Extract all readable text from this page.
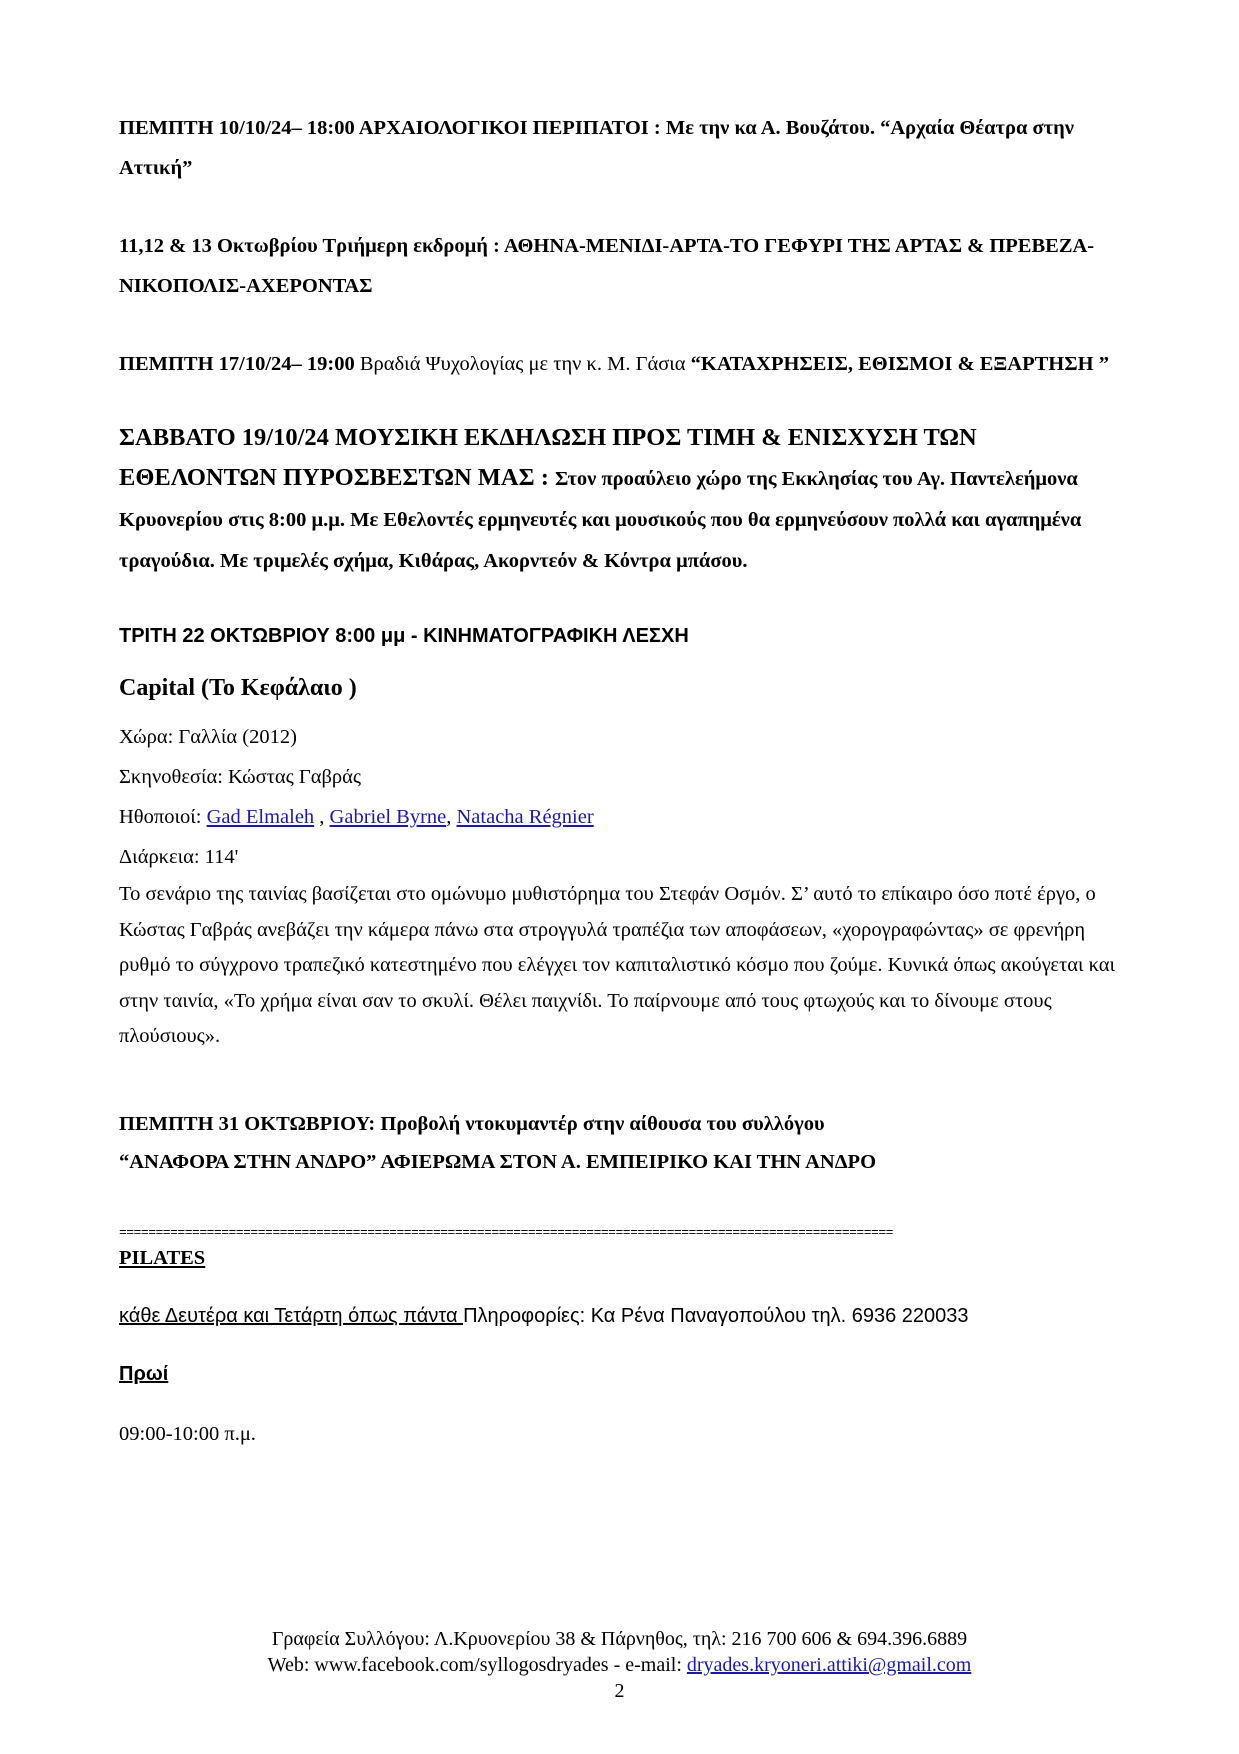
ΠΕΜΠΤΗ 10/10/24– 18:00 ΑΡΧΑΙΟΛΟΓΙΚΟΙ ΠΕΡΙΠΑΤΟΙ : Με την κα Α. Βουζάτου. “Αρχαία Θέατρα στην Αττική”

11,12 & 13 Οκτωβρίου Τριήμερη εκδρομή : ΑΘΗΝΑ-ΜΕΝΙΔΙ-ΑΡΤΑ-ΤΟ ΓΕΦΥΡΙ ΤΗΣ ΑΡΤΑΣ & ΠΡΕΒΕΖΑ- ΝΙΚΟΠΟΛΙΣ-ΑΧΕΡΟΝΤΑΣ

ΠΕΜΠΤΗ 17/10/24– 19:00 Βραδιά Ψυχολογίας με την κ. Μ. Γάσια “ΚΑΤΑΧΡΗΣΕΙΣ, ΕΘΙΣΜΟΙ & ΕΞΑΡΤΗΣΗ ”

ΣΑΒΒΑΤΟ 19/10/24 ΜΟΥΣΙΚΗ ΕΚΔΗΛΩΣΗ ΠΡΟΣ ΤΙΜΗ & ΕΝΙΣΧΥΣΗ ΤΩΝ ΕΘΕΛΟΝΤΩΝ ΠΥΡΟΣΒΕΣΤΩΝ ΜΑΣ : Στον προαύλειο χώρο της Εκκλησίας του Αγ. Παντελεήμονα Κρυονερίου στις 8:00 μ.μ. Με Εθελοντές ερμηνευτές και μουσικούς που θα ερμηνεύσουν πολλά και αγαπημένα τραγούδια. Με τριμελές σχήμα, Κιθάρας, Ακορντεόν & Κόντρα μπάσου.

ΤΡΙΤΗ 22 ΟΚΤΩΒΡΙΟΥ 8:00 μμ - ΚΙΝΗΜΑΤΟΓΡΑΦΙΚΗ ΛΕΣΧΗ

Capital (Το Κεφάλαιο )

Χώρα: Γαλλία (2012)

Σκηνοθεσία: Κώστας Γαβράς

Ηθοποιοί: Gad Elmaleh , Gabriel Byrne, Natacha Régnier

Διάρκεια: 114'

Το σενάριο της ταινίας βασίζεται στο ομώνυμο μυθιστόρημα του Στεφάν Οσμόν. Σ’ αυτό το επίκαιρο όσο ποτέ έργο, ο Κώστας Γαβράς ανεβάζει την κάμερα πάνω στα στρογγυλά τραπέζια των αποφάσεων, «χορογραφώντας» σε φρενήρη ρυθμό το σύγχρονο τραπεζικό κατεστημένο που ελέγχει τον καπιταλιστικό κόσμο που ζούμε. Κυνικά όπως ακούγεται και στην ταινία, «Το χρήμα είναι σαν το σκυλί. Θέλει παιχνίδι. Το παίρνουμε από τους φτωχούς και το δίνουμε στους πλούσιους».

ΠΕΜΠΤΗ 31 ΟΚΤΩΒΡΙΟΥ: Προβολή ντοκυμαντέρ στην αίθουσα του συλλόγου

“ΑΝΑΦΟΡΑ ΣΤΗΝ ΑΝΔΡΟ” ΑΦΙΕΡΩΜΑ ΣΤΟΝ Α. ΕΜΠΕΙΡΙΚΟ ΚΑΙ ΤΗΝ ΑΝΔΡΟ

==========================================================================================================

PILATES

κάθε Δευτέρα και Τετάρτη όπως πάντα Πληροφορίες: Κα Ρένα Παναγοπούλου τηλ. 6936 220033

Πρωί

09:00-10:00 π.μ.

Γραφεία Συλλόγου: Λ.Κρυονερίου 38 & Πάρνηθος, τηλ: 216 700 606 & 694.396.6889

Web: www.facebook.com/syllogosdryades - e-mail: dryades.kryoneri.attiki@gmail.com

2
